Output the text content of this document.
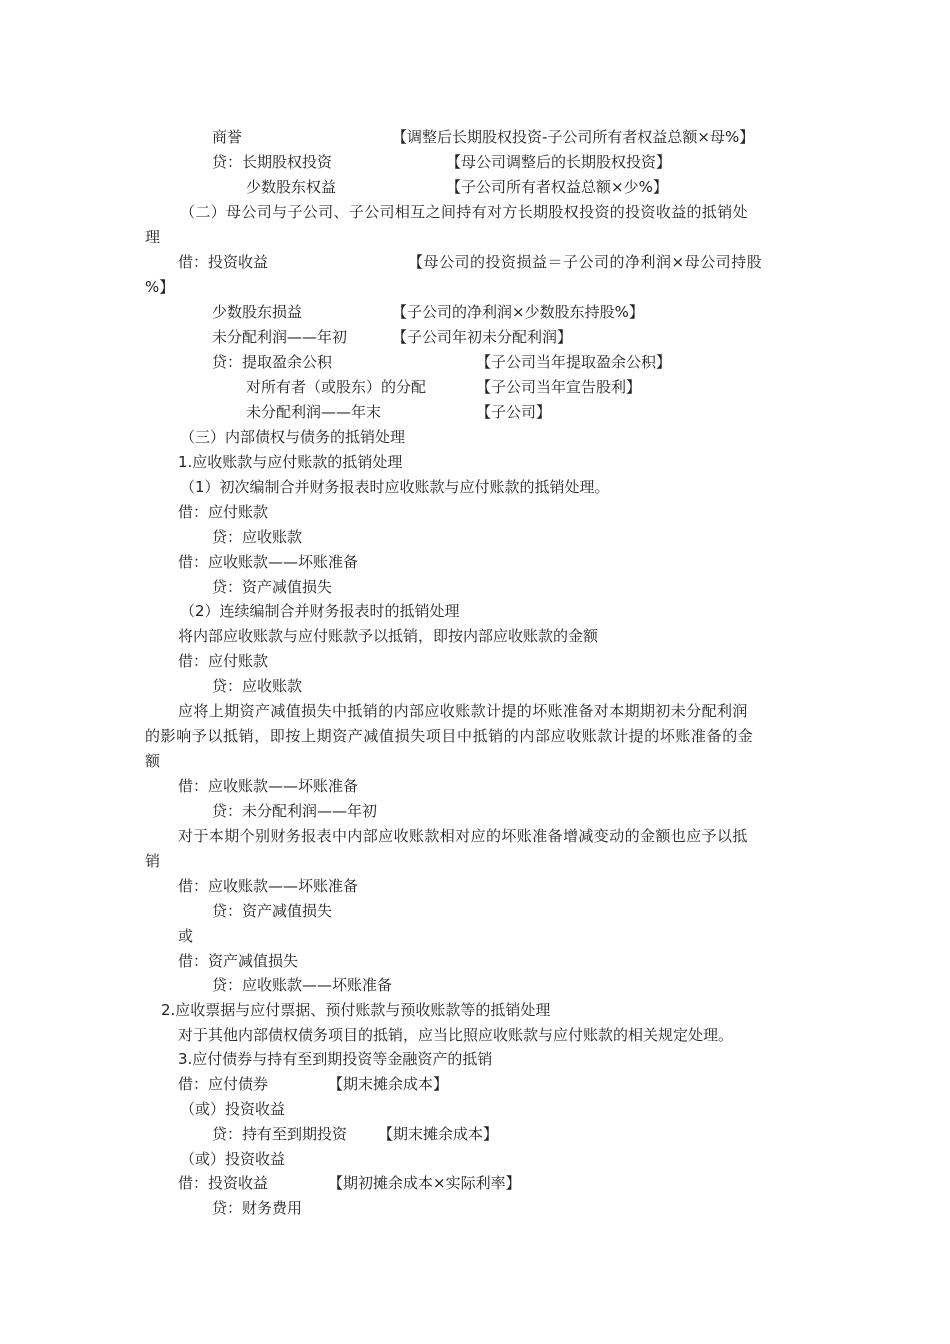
商誉	【调整后长期股权投资-子公司所有者权益总额×母%】
贷：长期股权投资	【母公司调整后的长期股权投资】
少数股东权益	【子公司所有者权益总额×少%】
（二）母公司与子公司、子公司相互之间持有对方长期股权投资的投资收益的抵销处
理
借：投资收益	【母公司的投资损益＝子公司的净利润×母公司持股
%】
少数股东损益	【子公司的净利润×少数股东持股%】
未分配利润——年初	【子公司年初未分配利润】
贷：提取盈余公积	【子公司当年提取盈余公积】
对所有者（或股东）的分配	【子公司当年宣告股利】
未分配利润——年末	【子公司】
（三）内部债权与债务的抵销处理
1.应收账款与应付账款的抵销处理
（1）初次编制合并财务报表时应收账款与应付账款的抵销处理。
借：应付账款
贷：应收账款
借：应收账款——坏账准备
贷：资产减值损失
（2）连续编制合并财务报表时的抵销处理
将内部应收账款与应付账款予以抵销，即按内部应收账款的金额
借：应付账款
贷：应收账款
应将上期资产减值损失中抵销的内部应收账款计提的坏账准备对本期期初未分配利润
的影响予以抵销，即按上期资产减值损失项目中抵销的内部应收账款计提的坏账准备的金
额
借：应收账款——坏账准备
贷：未分配利润——年初
对于本期个别财务报表中内部应收账款相对应的坏账准备增减变动的金额也应予以抵
销
借：应收账款——坏账准备
贷：资产减值损失
或
借：资产减值损失
贷：应收账款——坏账准备
2.应收票据与应付票据、预付账款与预收账款等的抵销处理
对于其他内部债权债务项目的抵销，应当比照应收账款与应付账款的相关规定处理。
3.应付债券与持有至到期投资等金融资产的抵销
借：应付债券	【期末摊余成本】
（或）投资收益
贷：持有至到期投资 【期末摊余成本】
（或）投资收益
借：投资收益	【期初摊余成本×实际利率】
贷：财务费用
